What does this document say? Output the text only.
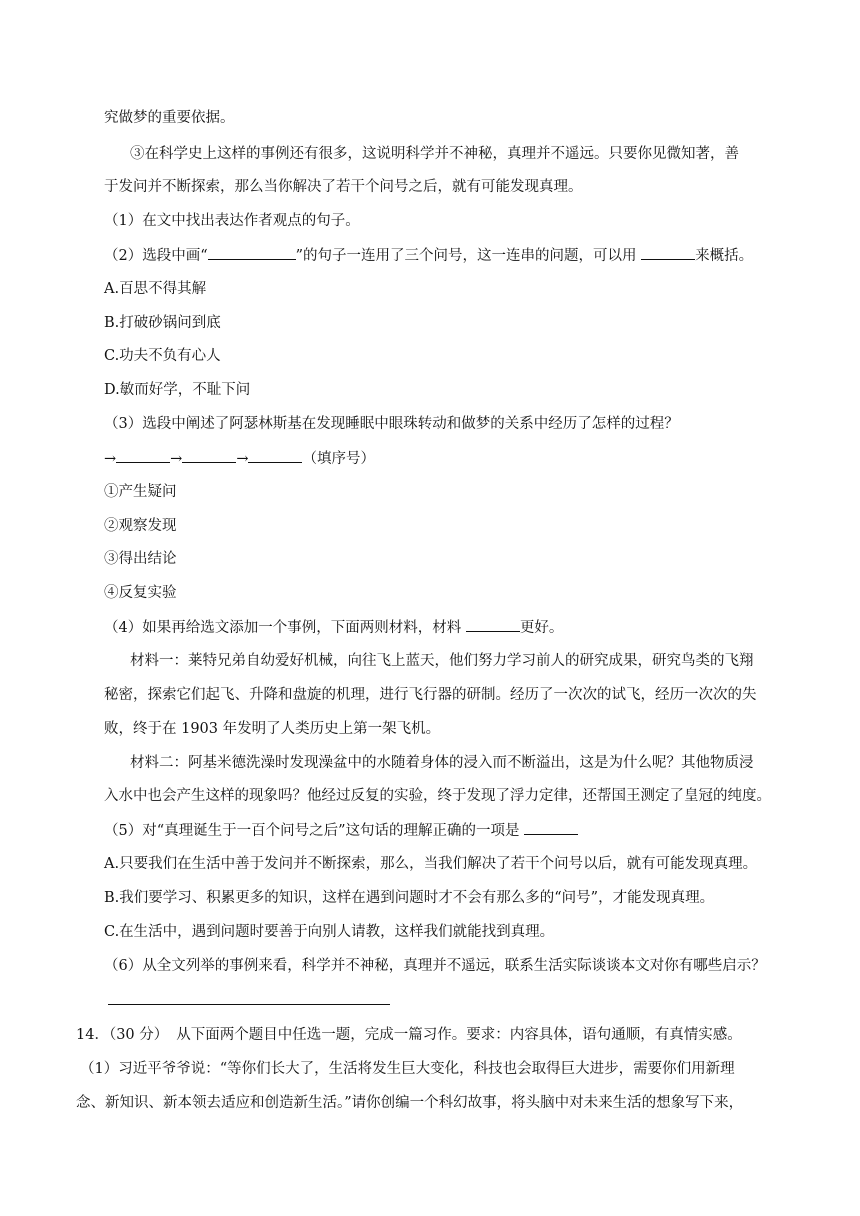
究做梦的重要依据。
③在科学史上这样的事例还有很多，这说明科学并不神秘，真理并不遥远。只要你见微知著，善
于发问并不断探索，那么当你解决了若干个问号之后，就有可能发现真理。
（1）在文中找出表达作者观点的句子。
（2）选段中画“	”的句子一连用了三个问号，这一连串的问题，可以用	来概括。
A.百思不得其解
B.打破砂锅问到底
C.功夫不负有心人
D.敏而好学，不耻下问
（3）选段中阐述了阿瑟林斯基在发现睡眠中眼珠转动和做梦的关系中经历了怎样的过程？
→	→	→	（填序号）
①产生疑问
②观察发现
③得出结论
④反复实验
（4）如果再给选文添加一个事例，下面两则材料，材料	更好。
材料一：莱特兄弟自幼爱好机械，向往飞上蓝天，他们努力学习前人的研究成果，研究鸟类的飞翔
秘密，探索它们起飞、升降和盘旋的机理，进行飞行器的研制。经历了一次次的试飞，经历一次次的失
败，终于在 1903 年发明了人类历史上第一架飞机。
材料二：阿基米德洗澡时发现澡盆中的水随着身体的浸入而不断溢出，这是为什么呢？其他物质浸
入水中也会产生这样的现象吗？他经过反复的实验，终于发现了浮力定律，还帮国王测定了皇冠的纯度。
（5）对“真理诞生于一百个问号之后”这句话的理解正确的一项是
A.只要我们在生活中善于发问并不断探索，那么，当我们解决了若干个问号以后，就有可能发现真理。
B.我们要学习、积累更多的知识，这样在遇到问题时才不会有那么多的“问号”，才能发现真理。
C.在生活中，遇到问题时要善于向别人请教，这样我们就能找到真理。
（6）从全文列举的事例来看，科学并不神秘，真理并不遥远，联系生活实际谈谈本文对你有哪些启示？
14．（30 分） 从下面两个题目中任选一题，完成一篇习作。要求：内容具体，语句通顺，有真情实感。
（1）习近平爷爷说：“等你们长大了，生活将发生巨大变化，科技也会取得巨大进步，需要你们用新理
念、新知识、新本领去适应和创造新生活。”请你创编一个科幻故事，将头脑中对未来生活的想象写下来，
